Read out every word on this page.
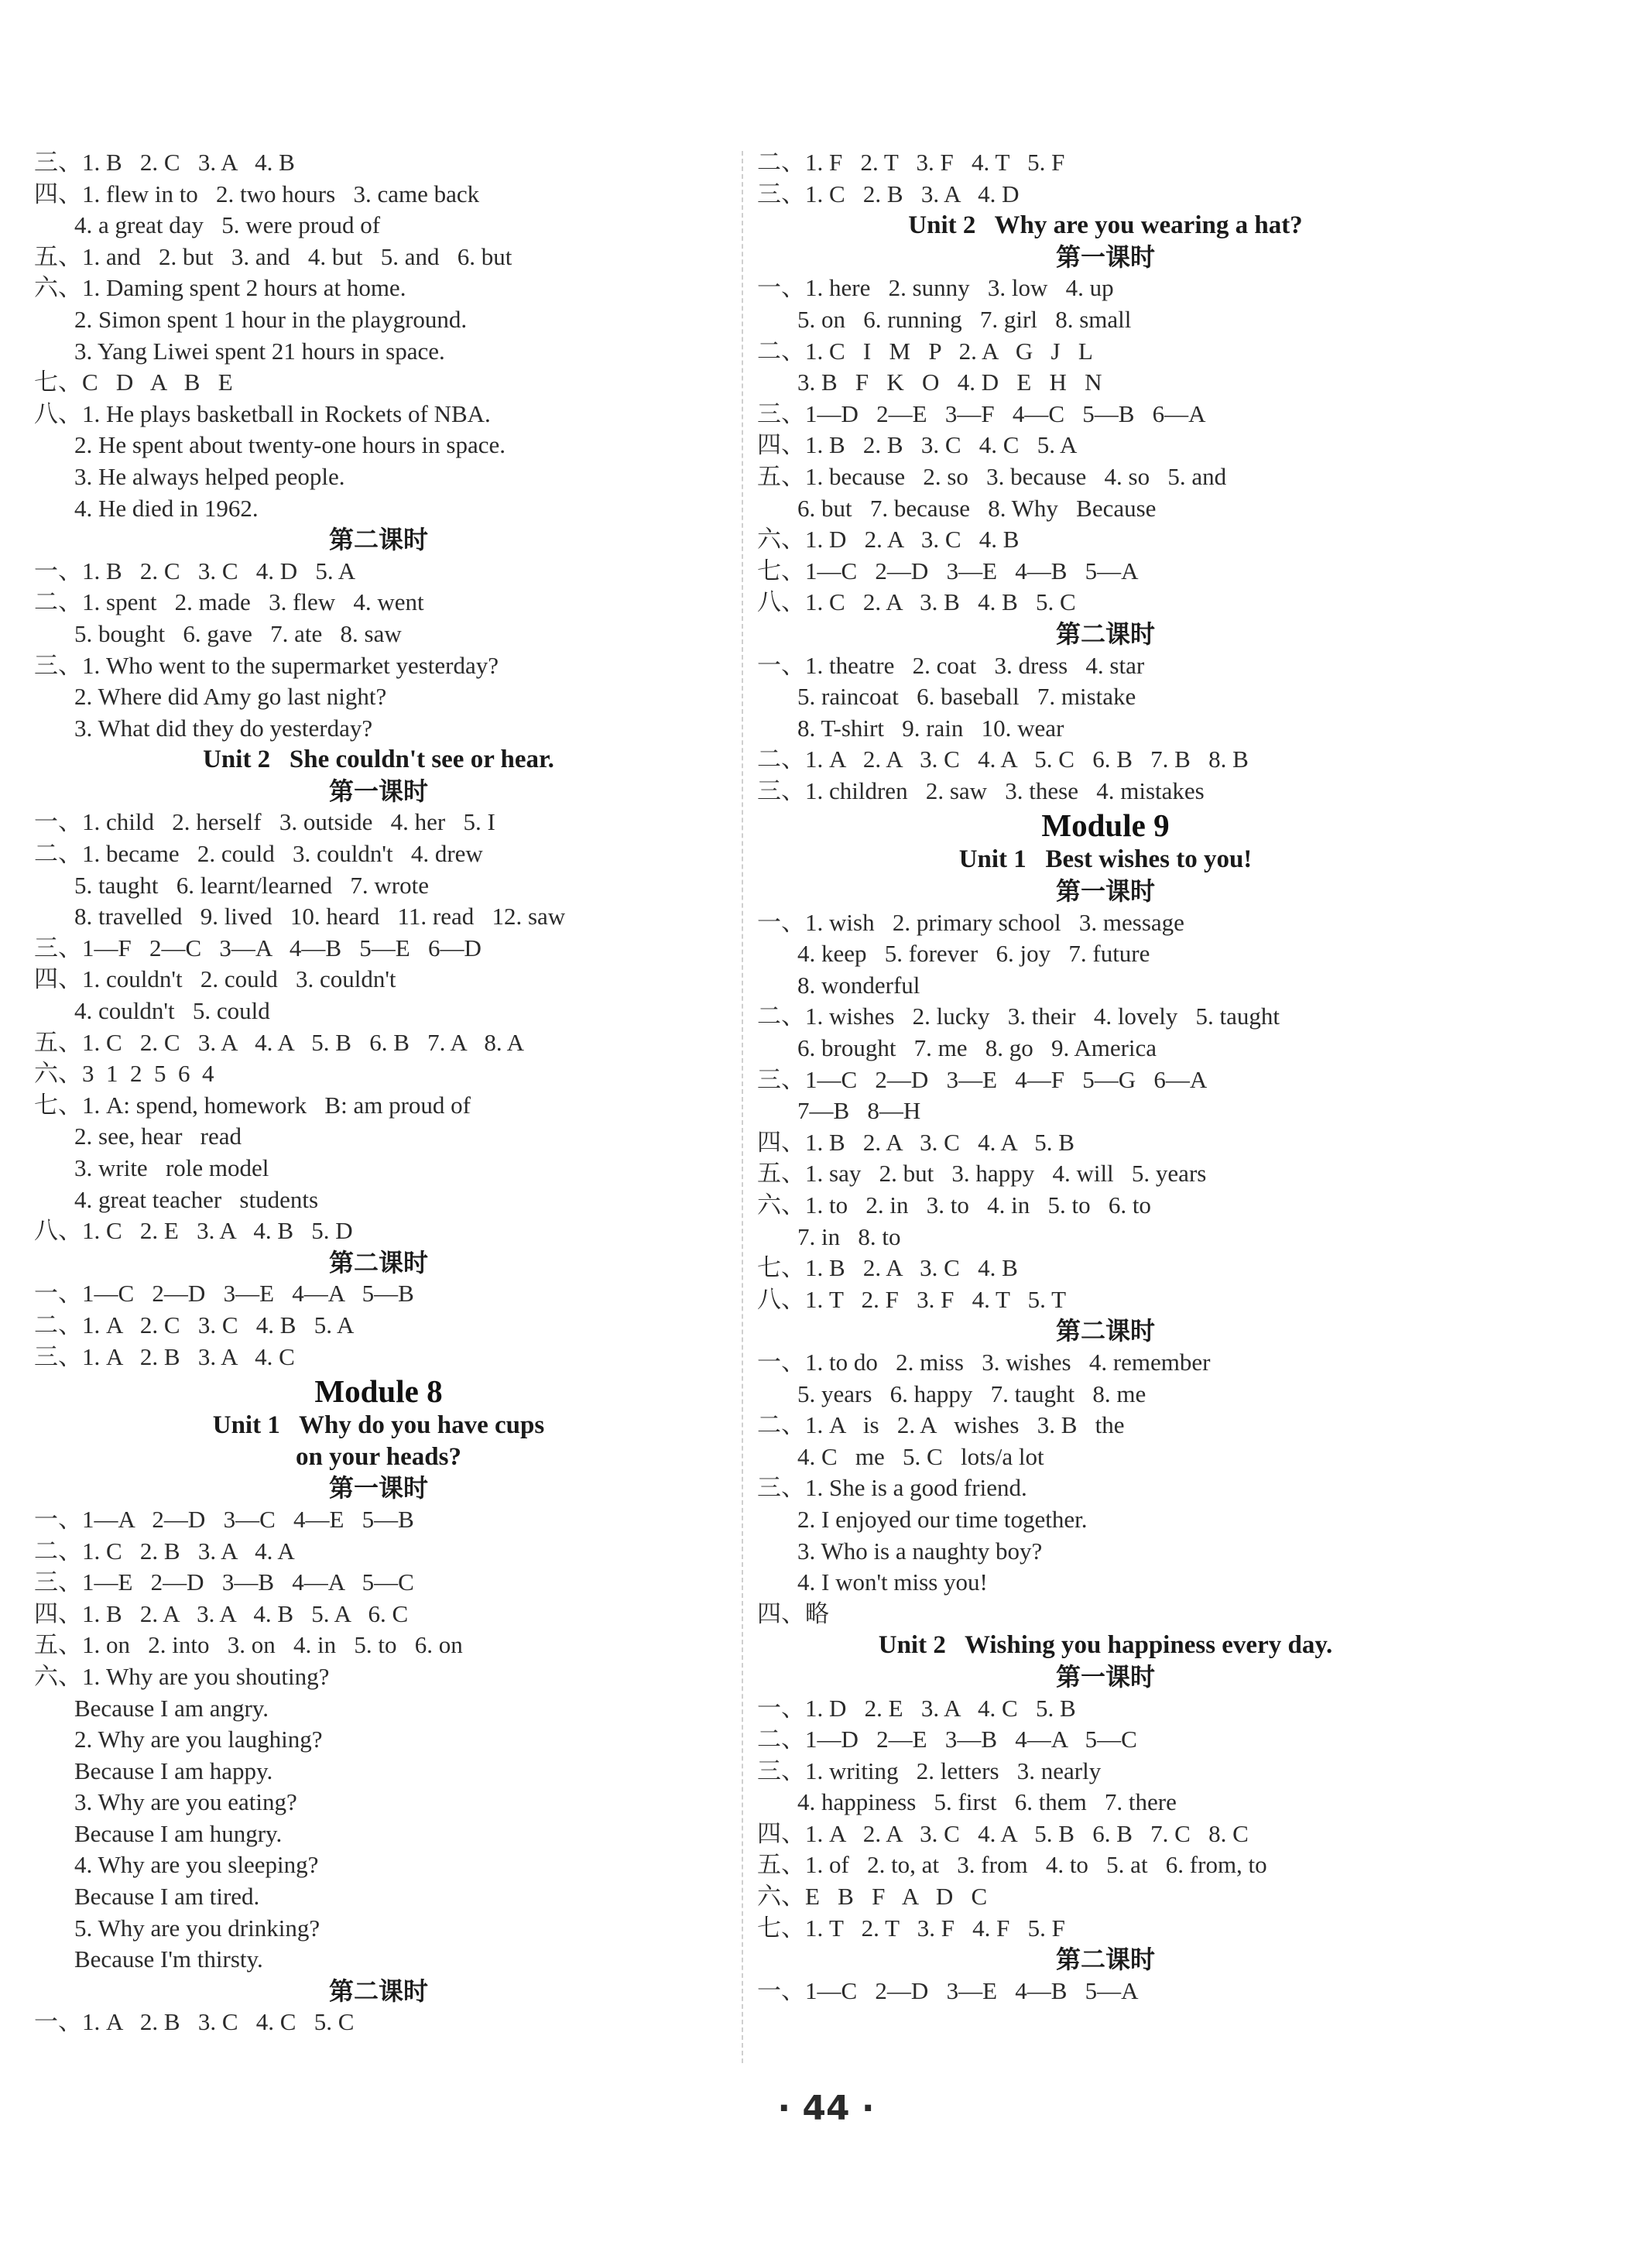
三、1. B   2. C   3. A   4. B
四、1. flew in to   2. two hours   3. came back
4. a great day   5. were proud of
五、1. and   2. but   3. and   4. but   5. and   6. but
六、1. Daming spent 2 hours at home.
2. Simon spent 1 hour in the playground.
3. Yang Liwei spent 21 hours in space.
七、C   D   A   B   E
八、1. He plays basketball in Rockets of NBA.
2. He spent about twenty-one hours in space.
3. He always helped people.
4. He died in 1962.
第二课时
一、1. B   2. C   3. C   4. D   5. A
二、1. spent   2. made   3. flew   4. went
5. bought   6. gave   7. ate   8. saw
三、1. Who went to the supermarket yesterday?
2. Where did Amy go last night?
3. What did they do yesterday?
Unit 2   She couldn't see or hear.
第一课时
一、1. child   2. herself   3. outside   4. her   5. I
二、1. became   2. could   3. couldn't   4. drew
5. taught   6. learnt/learned   7. wrote
8. travelled   9. lived   10. heard   11. read   12. saw
三、1—F   2—C   3—A   4—B   5—E   6—D
四、1. couldn't   2. could   3. couldn't
4. couldn't   5. could
五、1. C   2. C   3. A   4. A   5. B   6. B   7. A   8. A
六、3  1  2  5  6  4
七、1. A: spend, homework   B: am proud of
2. see, hear   read
3. write   role model
4. great teacher   students
八、1. C   2. E   3. A   4. B   5. D
第二课时
一、1—C   2—D   3—E   4—A   5—B
二、1. A   2. C   3. C   4. B   5. A
三、1. A   2. B   3. A   4. C
Module 8
Unit 1   Why do you have cups
on your heads?
第一课时
一、1—A   2—D   3—C   4—E   5—B
二、1. C   2. B   3. A   4. A
三、1—E   2—D   3—B   4—A   5—C
四、1. B   2. A   3. A   4. B   5. A   6. C
五、1. on   2. into   3. on   4. in   5. to   6. on
六、1. Why are you shouting?
Because I am angry.
2. Why are you laughing?
Because I am happy.
3. Why are you eating?
Because I am hungry.
4. Why are you sleeping?
Because I am tired.
5. Why are you drinking?
Because I'm thirsty.
第二课时
一、1. A   2. B   3. C   4. C   5. C
二、1. F   2. T   3. F   4. T   5. F
三、1. C   2. B   3. A   4. D
Unit 2   Why are you wearing a hat?
第一课时
一、1. here   2. sunny   3. low   4. up
5. on   6. running   7. girl   8. small
二、1. C   I   M   P   2. A   G   J   L
3. B   F   K   O   4. D   E   H   N
三、1—D   2—E   3—F   4—C   5—B   6—A
四、1. B   2. B   3. C   4. C   5. A
五、1. because   2. so   3. because   4. so   5. and
6. but   7. because   8. Why   Because
六、1. D   2. A   3. C   4. B
七、1—C   2—D   3—E   4—B   5—A
八、1. C   2. A   3. B   4. B   5. C
第二课时
一、1. theatre   2. coat   3. dress   4. star
5. raincoat   6. baseball   7. mistake
8. T-shirt   9. rain   10. wear
二、1. A   2. A   3. C   4. A   5. C   6. B   7. B   8. B
三、1. children   2. saw   3. these   4. mistakes
Module 9
Unit 1   Best wishes to you!
第一课时
一、1. wish   2. primary school   3. message
4. keep   5. forever   6. joy   7. future
8. wonderful
二、1. wishes   2. lucky   3. their   4. lovely   5. taught
6. brought   7. me   8. go   9. America
三、1—C   2—D   3—E   4—F   5—G   6—A
7—B   8—H
四、1. B   2. A   3. C   4. A   5. B
五、1. say   2. but   3. happy   4. will   5. years
六、1. to   2. in   3. to   4. in   5. to   6. to
7. in   8. to
七、1. B   2. A   3. C   4. B
八、1. T   2. F   3. F   4. T   5. T
第二课时
一、1. to do   2. miss   3. wishes   4. remember
5. years   6. happy   7. taught   8. me
二、1. A   is   2. A   wishes   3. B   the
4. C   me   5. C   lots/a lot
三、1. She is a good friend.
2. I enjoyed our time together.
3. Who is a naughty boy?
4. I won't miss you!
四、略
Unit 2   Wishing you happiness every day.
第一课时
一、1. D   2. E   3. A   4. C   5. B
二、1—D   2—E   3—B   4—A   5—C
三、1. writing   2. letters   3. nearly
4. happiness   5. first   6. them   7. there
四、1. A   2. A   3. C   4. A   5. B   6. B   7. C   8. C
五、1. of   2. to, at   3. from   4. to   5. at   6. from, to
六、E   B   F   A   D   C
七、1. T   2. T   3. F   4. F   5. F
第二课时
一、1—C   2—D   3—E   4—B   5—A
· 44 ·
